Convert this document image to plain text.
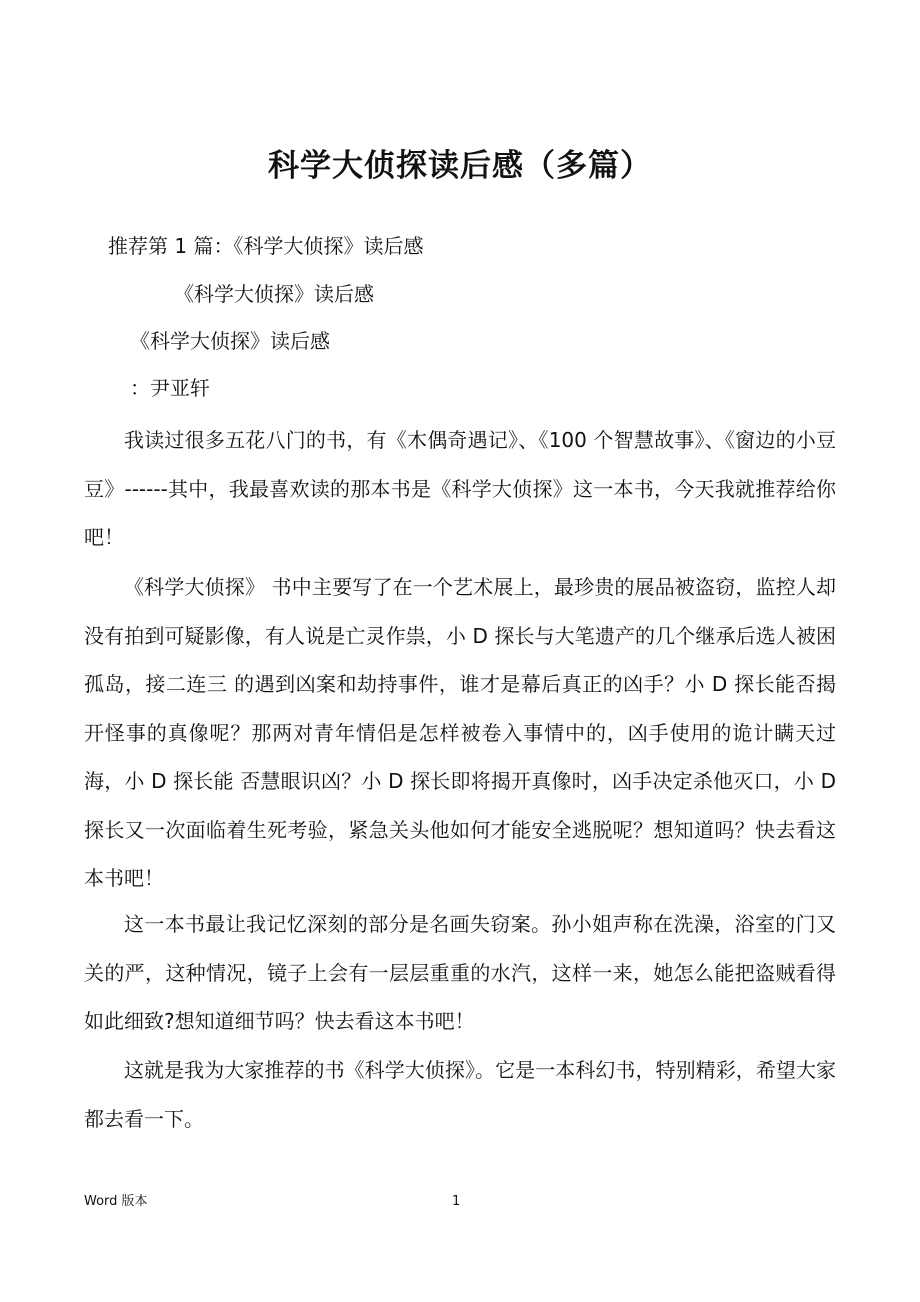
科学大侦探读后感（多篇）

推荐第 1 篇：《科学大侦探》读后感

《科学大侦探》读后感

《科学大侦探》读后感

：尹亚轩

我读过很多五花八门的书，有《木偶奇遇记》、《100 个智慧故事》、《窗边的小豆豆》------其中，我最喜欢读的那本书是《科学大侦探》这一本书，今天我就推荐给你吧！

《科学大侦探》 书中主要写了在一个艺术展上，最珍贵的展品被盗窃，监控人却没有拍到可疑影像，有人说是亡灵作祟，小 D 探长与大笔遗产的几个继承后选人被困孤岛，接二连三 的遇到凶案和劫持事件，谁才是幕后真正的凶手？小 D 探长能否揭开怪事的真像呢？那两对青年情侣是怎样被卷入事情中的，凶手使用的诡计瞒天过海，小 D 探长能 否慧眼识凶？小 D 探长即将揭开真像时，凶手决定杀他灭口，小 D 探长又一次面临着生死考验，紧急关头他如何才能安全逃脱呢？想知道吗？快去看这本书吧！

这一本书最让我记忆深刻的部分是名画失窃案。孙小姐声称在洗澡，浴室的门又关的严，这种情况，镜子上会有一层层重重的水汽，这样一来，她怎么能把盗贼看得如此细致?想知道细节吗？快去看这本书吧！

这就是我为大家推荐的书《科学大侦探》。它是一本科幻书，特别精彩，希望大家都去看一下。

Word 版本	1
